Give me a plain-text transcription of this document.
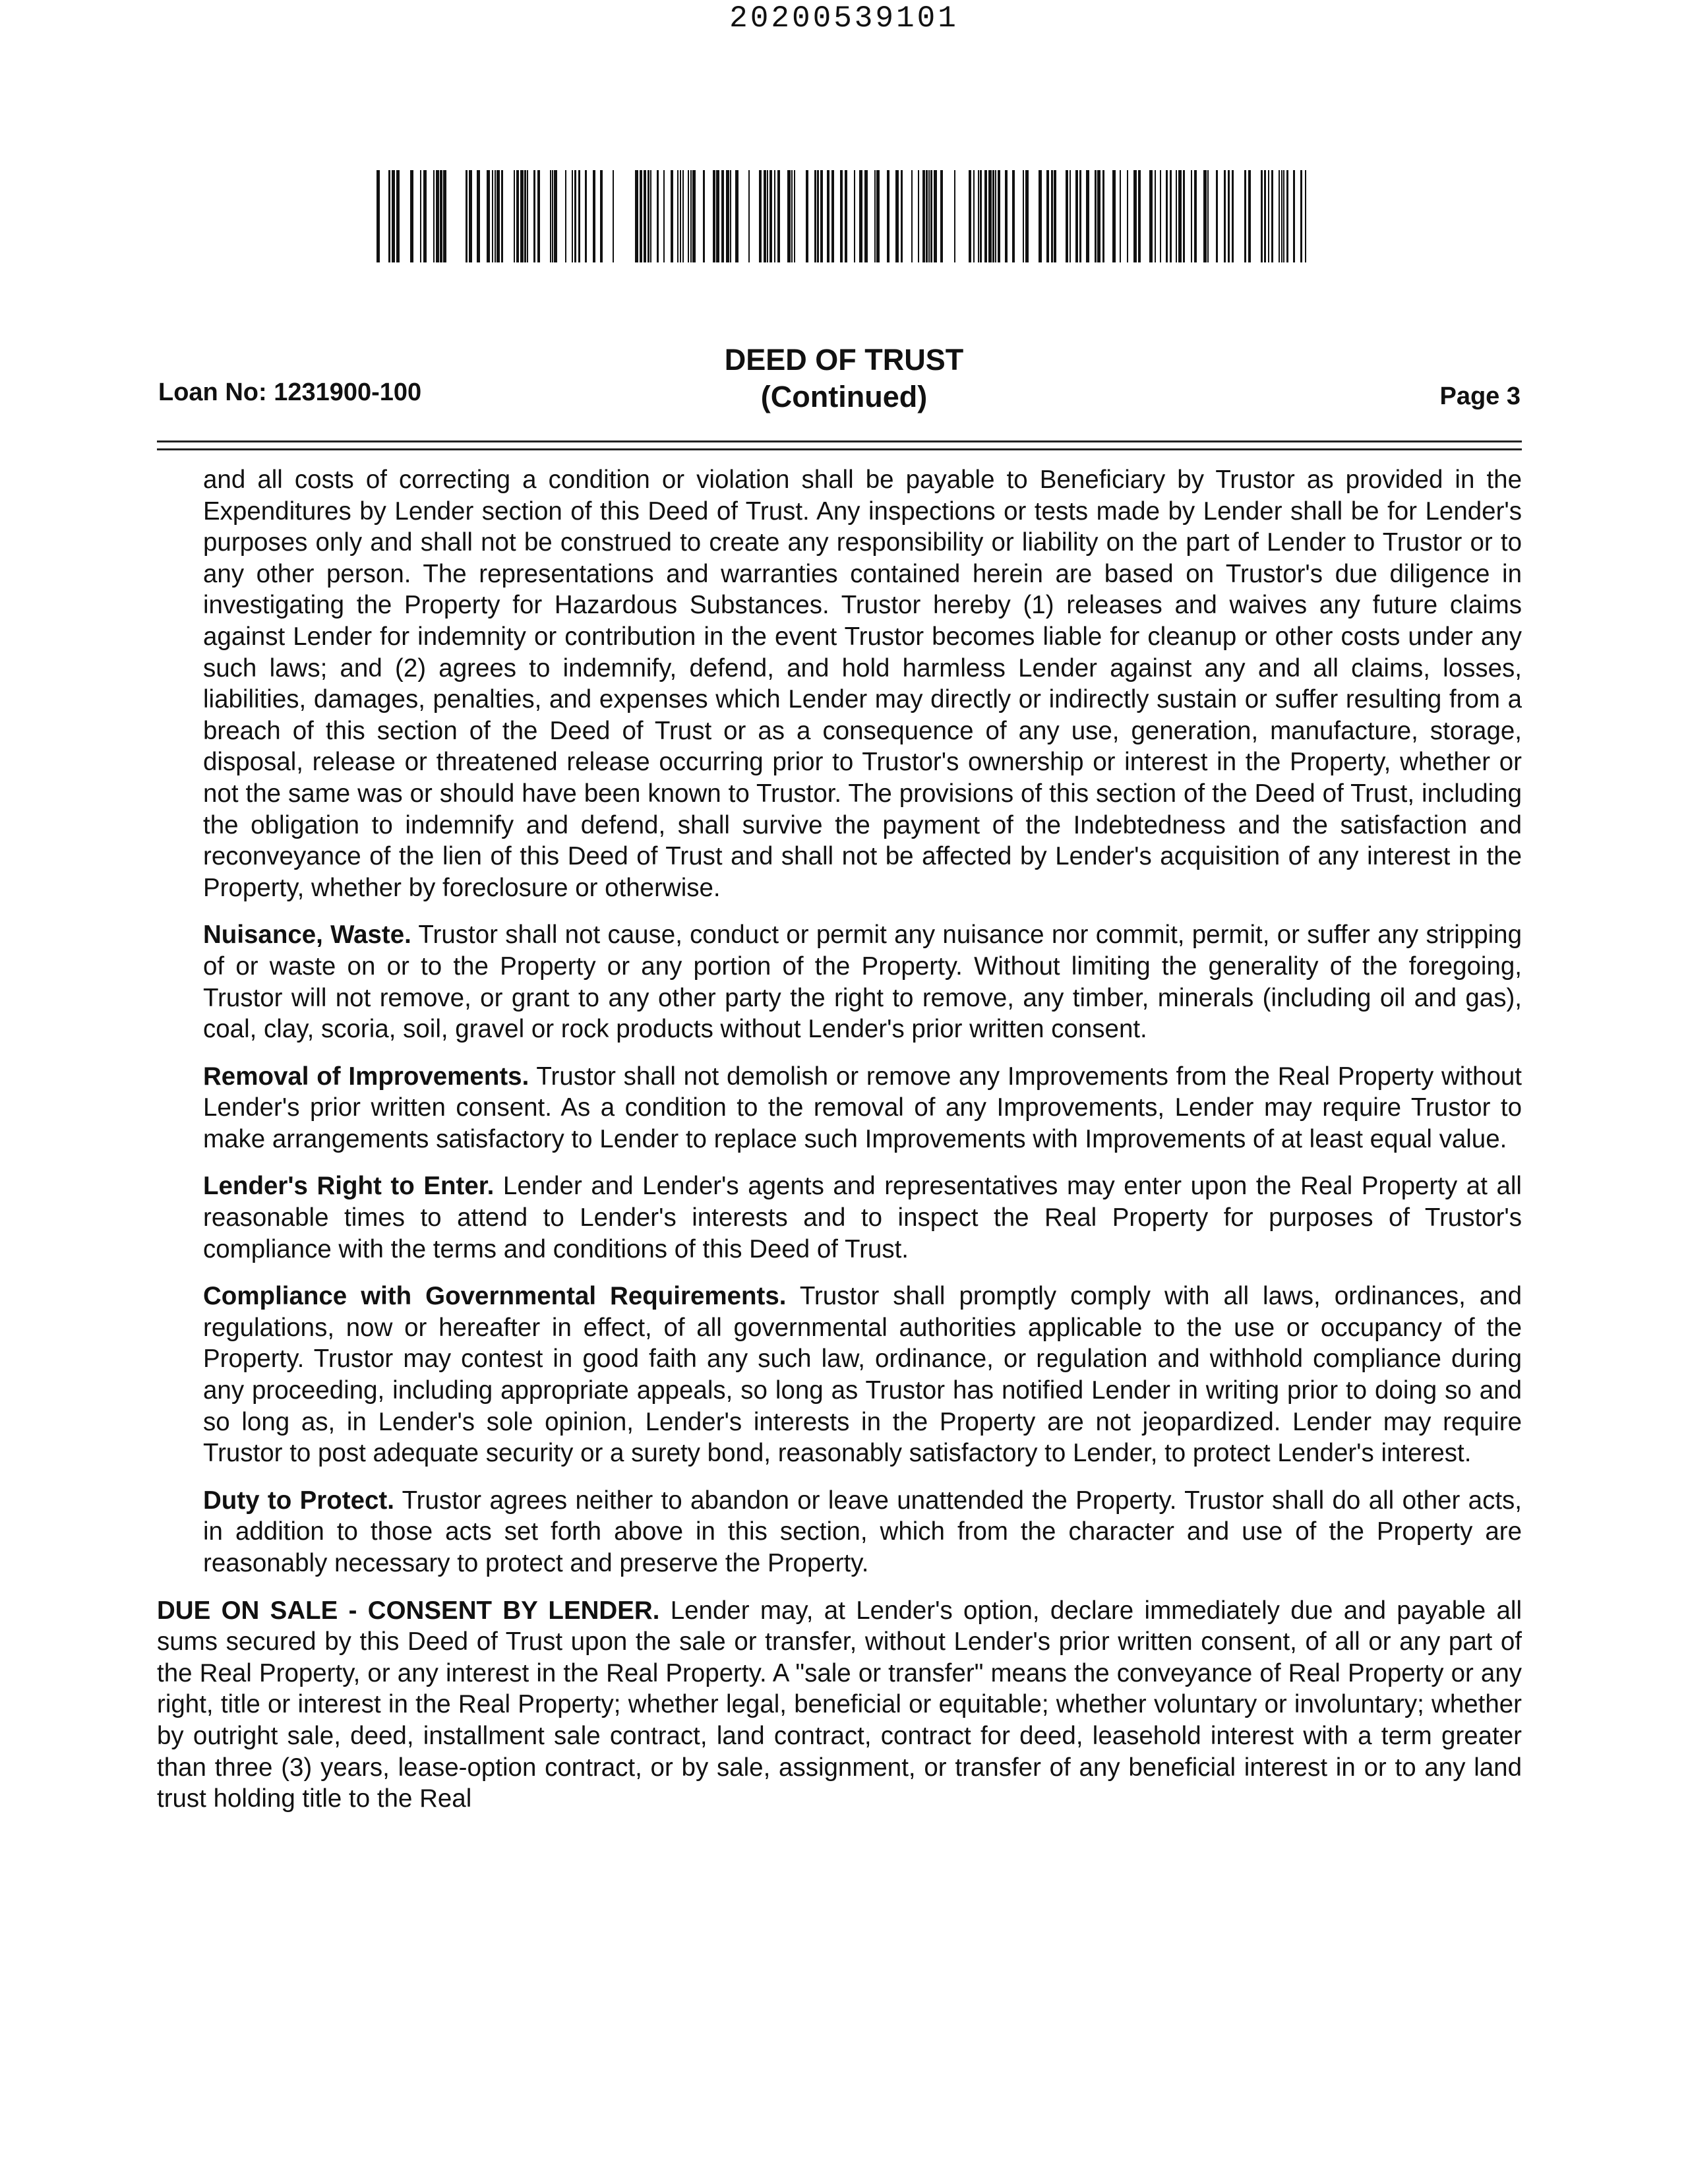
20200539101
DEED OF TRUST
(Continued)
Loan No: 1231900-100	Page 3

and all costs of correcting a condition or violation shall be payable to Beneficiary by Trustor as provided in the Expenditures by Lender section of this Deed of Trust. Any inspections or tests made by Lender shall be for Lender's purposes only and shall not be construed to create any responsibility or liability on the part of Lender to Trustor or to any other person. The representations and warranties contained herein are based on Trustor's due diligence in investigating the Property for Hazardous Substances. Trustor hereby (1) releases and waives any future claims against Lender for indemnity or contribution in the event Trustor becomes liable for cleanup or other costs under any such laws; and (2) agrees to indemnify, defend, and hold harmless Lender against any and all claims, losses, liabilities, damages, penalties, and expenses which Lender may directly or indirectly sustain or suffer resulting from a breach of this section of the Deed of Trust or as a consequence of any use, generation, manufacture, storage, disposal, release or threatened release occurring prior to Trustor's ownership or interest in the Property, whether or not the same was or should have been known to Trustor. The provisions of this section of the Deed of Trust, including the obligation to indemnify and defend, shall survive the payment of the Indebtedness and the satisfaction and reconveyance of the lien of this Deed of Trust and shall not be affected by Lender's acquisition of any interest in the Property, whether by foreclosure or otherwise.

Nuisance, Waste. Trustor shall not cause, conduct or permit any nuisance nor commit, permit, or suffer any stripping of or waste on or to the Property or any portion of the Property. Without limiting the generality of the foregoing, Trustor will not remove, or grant to any other party the right to remove, any timber, minerals (including oil and gas), coal, clay, scoria, soil, gravel or rock products without Lender's prior written consent.

Removal of Improvements. Trustor shall not demolish or remove any Improvements from the Real Property without Lender's prior written consent. As a condition to the removal of any Improvements, Lender may require Trustor to make arrangements satisfactory to Lender to replace such Improvements with Improvements of at least equal value.

Lender's Right to Enter. Lender and Lender's agents and representatives may enter upon the Real Property at all reasonable times to attend to Lender's interests and to inspect the Real Property for purposes of Trustor's compliance with the terms and conditions of this Deed of Trust.

Compliance with Governmental Requirements. Trustor shall promptly comply with all laws, ordinances, and regulations, now or hereafter in effect, of all governmental authorities applicable to the use or occupancy of the Property. Trustor may contest in good faith any such law, ordinance, or regulation and withhold compliance during any proceeding, including appropriate appeals, so long as Trustor has notified Lender in writing prior to doing so and so long as, in Lender's sole opinion, Lender's interests in the Property are not jeopardized. Lender may require Trustor to post adequate security or a surety bond, reasonably satisfactory to Lender, to protect Lender's interest.

Duty to Protect. Trustor agrees neither to abandon or leave unattended the Property. Trustor shall do all other acts, in addition to those acts set forth above in this section, which from the character and use of the Property are reasonably necessary to protect and preserve the Property.

DUE ON SALE - CONSENT BY LENDER. Lender may, at Lender's option, declare immediately due and payable all sums secured by this Deed of Trust upon the sale or transfer, without Lender's prior written consent, of all or any part of the Real Property, or any interest in the Real Property. A "sale or transfer" means the conveyance of Real Property or any right, title or interest in the Real Property; whether legal, beneficial or equitable; whether voluntary or involuntary; whether by outright sale, deed, installment sale contract, land contract, contract for deed, leasehold interest with a term greater than three (3) years, lease-option contract, or by sale, assignment, or transfer of any beneficial interest in or to any land trust holding title to the Real
